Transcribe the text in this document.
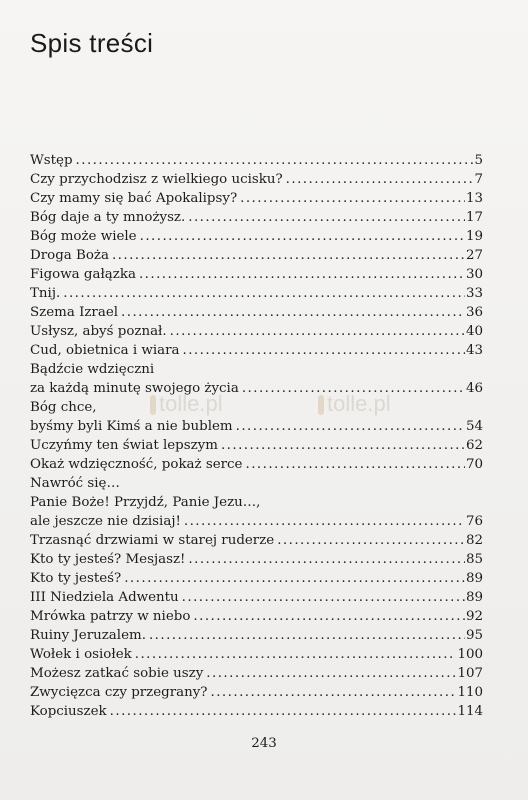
Spis treści
Wstęp . . .	5
Czy przychodzisz z wielkiego ucisku? . . .	7
Czy mamy się bać Apokalipsy? . . .	13
Bóg daje a ty mnożysz. . . .	17
Bóg może wiele . . .	19
Droga Boża . . .	27
Figowa gałązka . . .	30
Tnij. . . .	33
Szema Izrael . . .	36
Usłysz, abyś poznał. . . .	40
Cud, obietnica i wiara . . .	43
Bądźcie wdzięczni
za każdą minutę swojego życia . . .	46
Bóg chce,
byśmy byli Kimś a nie bublem . . .	54
Uczyńmy ten świat lepszym . . .	62
Okaż wdzięczność, pokaż serce . . .	70
Nawróć się…
Panie Boże! Przyjdź, Panie Jezu…,
ale jeszcze nie dzisiaj! . . .	76
Trzasnąć drzwiami w starej ruderze . . .	82
Kto ty jesteś? Mesjasz! . . .	85
Kto ty jesteś? . . .	89
III Niedziela Adwentu . . .	89
Mrówka patrzy w niebo . . .	92
Ruiny Jeruzalem. . . .	95
Wołek i osiołek . . .	100
Możesz zatkać sobie uszy . . .	107
Zwycięzca czy przegrany? . . .	110
Kopciuszek . . .	114
tolle.pl	tolle.pl
243
